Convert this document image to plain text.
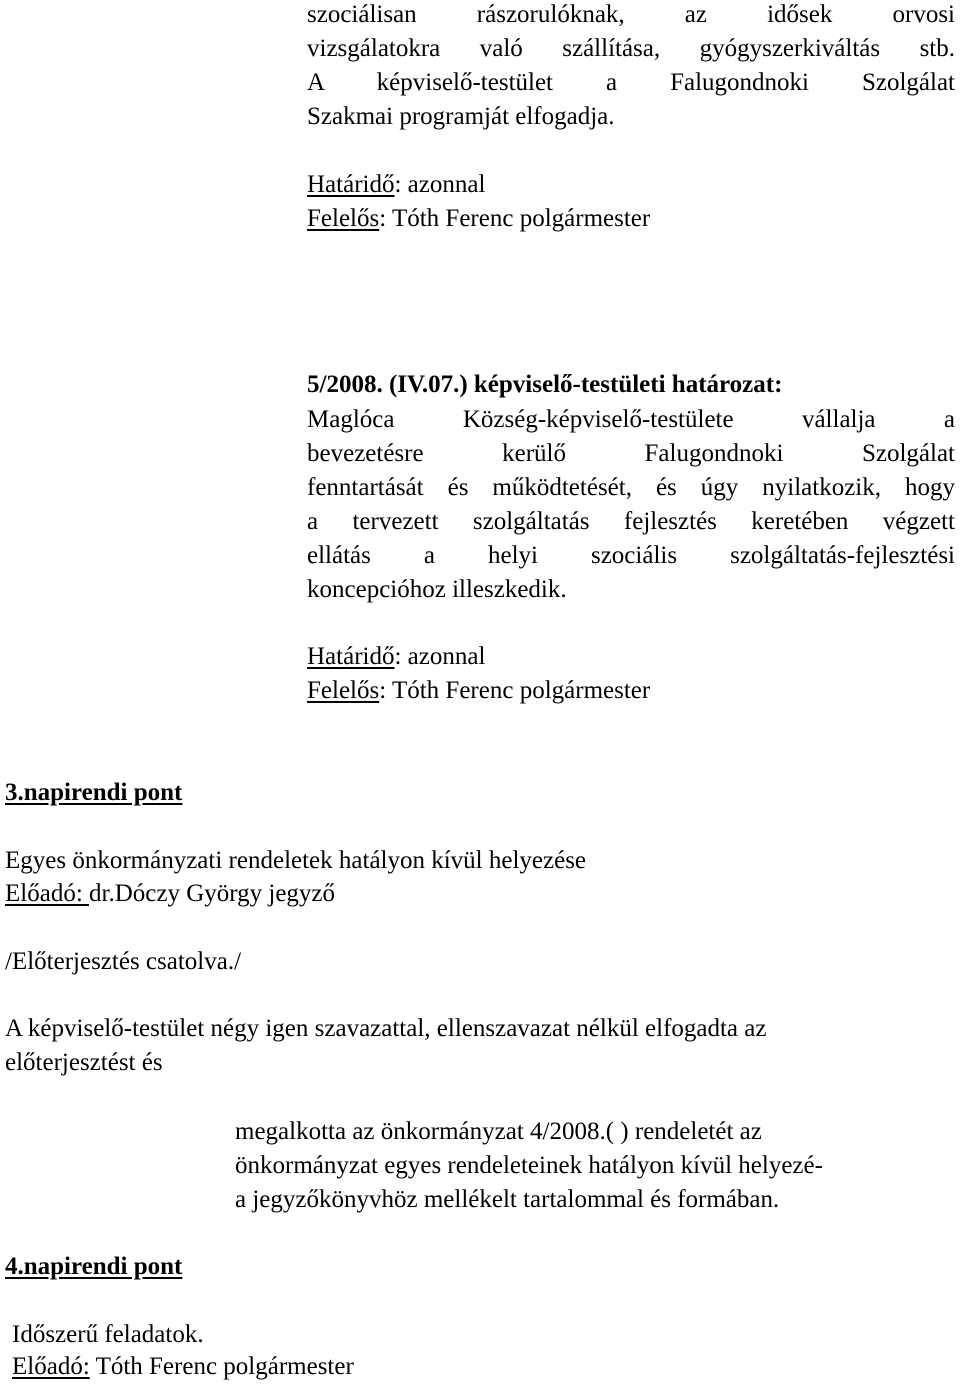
szociálisan rászorulóknak, az idősek orvosi
vizsgálatokra való szállítása, gyógyszerkiváltás stb.
A képviselő-testület a Falugondnoki Szolgálat
Szakmai programját elfogadja.
Határidő: azonnal
Felelős: Tóth Ferenc polgármester
5/2008. (IV.07.) képviselő-testületi határozat:
Maglóca Község-képviselő-testülete vállalja a
bevezetésre kerülő Falugondnoki Szolgálat
fenntartását és működtetését, és úgy nyilatkozik, hogy
a tervezett szolgáltatás fejlesztés keretében végzett
ellátás a helyi szociális szolgáltatás-fejlesztési
koncepcióhoz illeszkedik.
Határidő: azonnal
Felelős: Tóth Ferenc polgármester
3.napirendi pont
Egyes önkormányzati rendeletek hatályon kívül helyezése
Előadó: dr.Dóczy György jegyző
/Előterjesztés csatolva./
A képviselő-testület négy igen szavazattal, ellenszavazat nélkül elfogadta az
előterjesztést és
megalkotta az önkormányzat 4/2008.( ) rendeletét az
önkormányzat egyes rendeleteinek hatályon kívül helyezé-
a jegyzőkönyvhöz mellékelt tartalommal és formában.
4.napirendi pont
Időszerű feladatok.
Előadó: Tóth Ferenc polgármester
